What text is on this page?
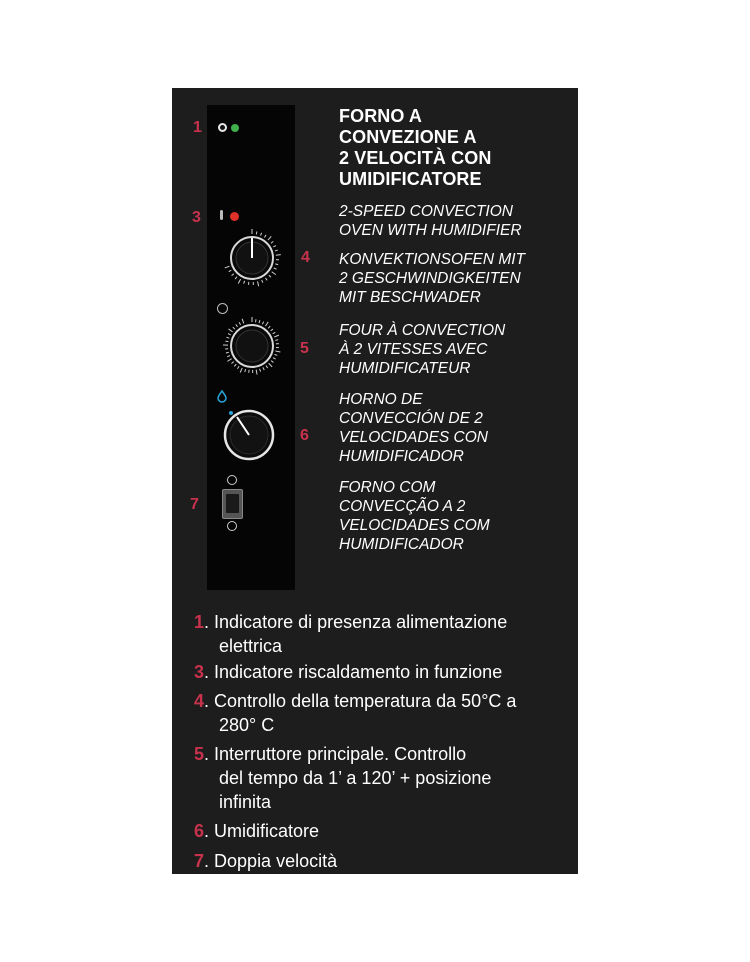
1
3
4
5
6
7
FORNO A
CONVEZIONE A
2 VELOCITÀ CON
UMIDIFICATORE
2-SPEED CONVECTION
OVEN WITH HUMIDIFIER
KONVEKTIONSOFEN MIT
2 GESCHWINDIGKEITEN
MIT BESCHWADER
FOUR À CONVECTION
À 2 VITESSES AVEC
HUMIDIFICATEUR
HORNO DE
CONVECCIÓN DE 2
VELOCIDADES CON
HUMIDIFICADOR
FORNO COM
CONVECÇÃO A 2
VELOCIDADES COM
HUMIDIFICADOR
1. Indicatore di presenza alimentazione
elettrica
3. Indicatore riscaldamento in funzione
4. Controllo della temperatura da 50°C a
280° C
5. Interruttore principale. Controllo
del tempo da 1’ a 120’ + posizione
infinita
6. Umidificatore
7. Doppia velocità
